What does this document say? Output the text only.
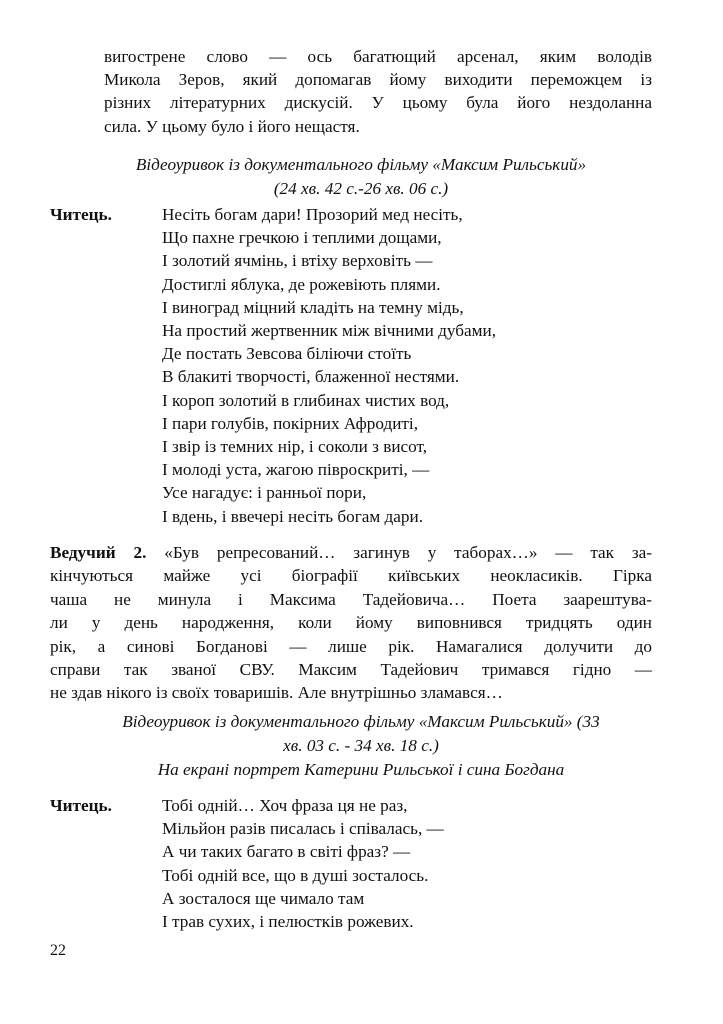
вигострене слово — ось багатющий арсенал, яким володів
Микола Зеров, який допомагав йому виходити переможцем із
різних літературних дискусій. У цьому була його нездоланна
сила. У цьому було і його нещастя.

Відеоуривок із документального фільму «Максим Рильський»
(24 хв. 42 с.-26 хв. 06 с.)

Читець.	Несіть богам дари! Прозорий мед несіть,
Що пахне гречкою і теплими дощами,
І золотий ячмінь, і втіху верховіть —
Достиглі яблука, де рожевіють плями.
І виноград міцний кладіть на темну мідь,
На простий жертвенник між вічними дубами,
Де постать Зевсова біліючи стоїть
В блакиті творчості, блаженної нестями.
І короп золотий в глибинах чистих вод,
І пари голубів, покірних Афродиті,
І звір із темних нір, і соколи з висот,
І молоді уста, жагою півроскриті, —
Усе нагадує: і ранньої пори,
І вдень, і ввечері несіть богам дари.

Ведучий 2. «Був репресований… загинув у таборах…» — так за-
кінчуються майже усі біографії київських неокласиків. Гірка
чаша не минула і Максима Тадейовича… Поета заарештува-
ли у день народження, коли йому виповнився тридцять один
рік, а синові Богданові — лише рік. Намагалися долучити до
справи так званої СВУ. Максим Тадейович тримався гідно —
не здав нікого із своїх товаришів. Але внутрішньо зламався…

Відеоуривок із документального фільму «Максим Рильський» (33
хв. 03 с. - 34 хв. 18 с.)
На екрані портрет Катерини Рильської і сина Богдана

Читець.	Тобі одній… Хоч фраза ця не раз,
Мільйон разів писалась і співалась, —
А чи таких багато в світі фраз? —
Тобі одній все, що в душі зосталось.
А зосталося ще чимало там
І трав сухих, і пелюстків рожевих.
22
